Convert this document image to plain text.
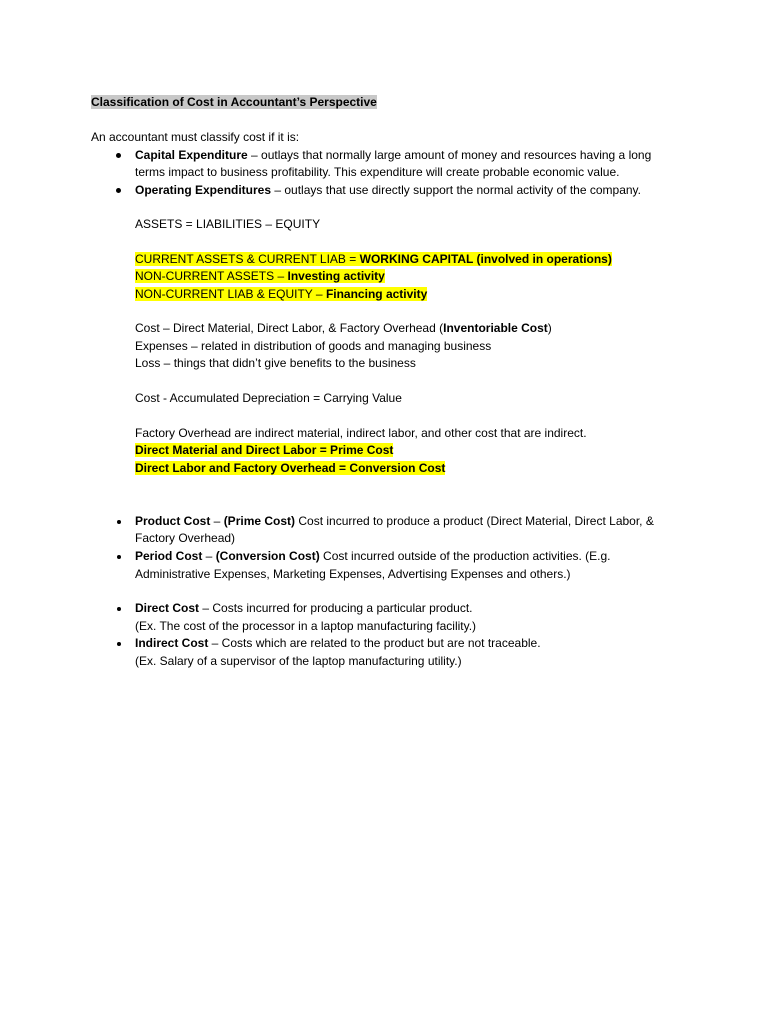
Classification of Cost in Accountant’s Perspective
An accountant must classify cost if it is:
Capital Expenditure – outlays that normally large amount of money and resources having a long
terms impact to business profitability. This expenditure will create probable economic value.
Operating Expenditures – outlays that use directly support the normal activity of the company.
ASSETS = LIABILITIES – EQUITY
CURRENT ASSETS & CURRENT LIAB = WORKING CAPITAL (involved in operations)
NON-CURRENT ASSETS – Investing activity
NON-CURRENT LIAB & EQUITY – Financing activity
Cost – Direct Material, Direct Labor, & Factory Overhead (Inventoriable Cost)
Expenses – related in distribution of goods and managing business
Loss – things that didn’t give benefits to the business
Cost - Accumulated Depreciation = Carrying Value
Factory Overhead are indirect material, indirect labor, and other cost that are indirect.
Direct Material and Direct Labor = Prime Cost
Direct Labor and Factory Overhead = Conversion Cost
Product Cost – (Prime Cost) Cost incurred to produce a product (Direct Material, Direct Labor, &
Factory Overhead)
Period Cost – (Conversion Cost) Cost incurred outside of the production activities. (E.g.
Administrative Expenses, Marketing Expenses, Advertising Expenses and others.)
Direct Cost – Costs incurred for producing a particular product.
(Ex. The cost of the processor in a laptop manufacturing facility.)
Indirect Cost – Costs which are related to the product but are not traceable.
(Ex. Salary of a supervisor of the laptop manufacturing utility.)
